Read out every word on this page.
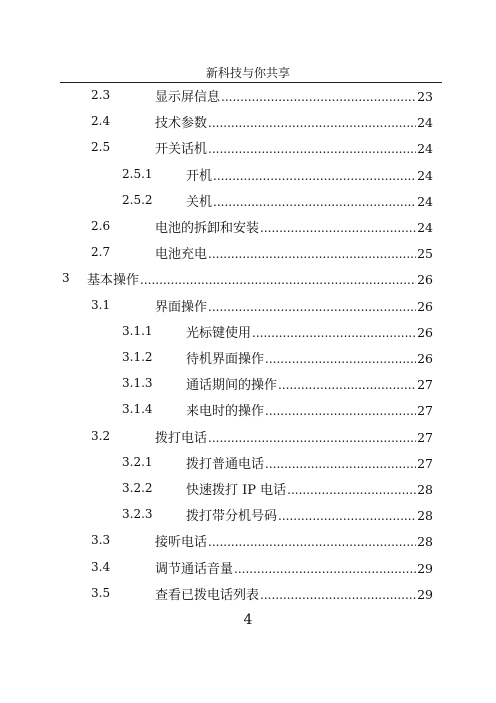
新科技与你共享
2.3	显示屏信息 .....	23
2.4	技术参数 .....	24
2.5	开关话机 .....	24
2.5.1	开机 .....	24
2.5.2	关机 .....	24
2.6	电池的拆卸和安装 .....	24
2.7	电池充电 .....	25
3 基本操作 .....	26
3.1	界面操作 .....	26
3.1.1	光标键使用 .....	26
3.1.2	待机界面操作 .....	26
3.1.3	通话期间的操作 .....	27
3.1.4	来电时的操作 .....	27
3.2	拨打电话 .....	27
3.2.1	拨打普通电话 .....	27
3.2.2	快速拨打 IP 电话 .....	28
3.2.3	拨打带分机号码 .....	28
3.3	接听电话 .....	28
3.4	调节通话音量 .....	29
3.5	查看已拨电话列表 .....	29
4
